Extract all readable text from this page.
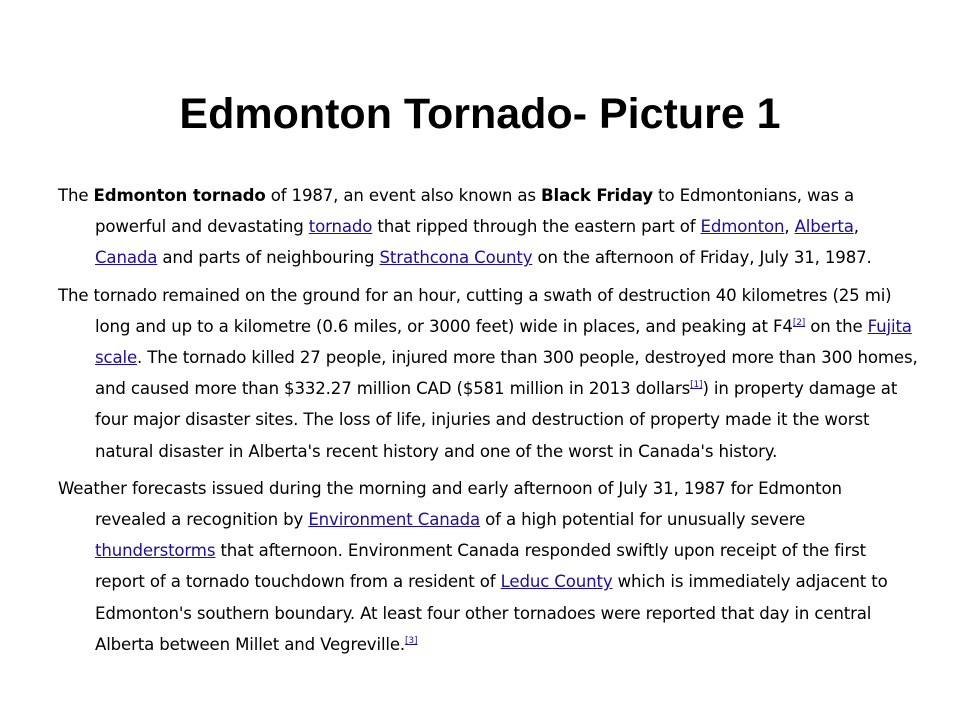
Edmonton Tornado- Picture 1

The Edmonton tornado of 1987, an event also known as Black Friday to Edmontonians, was a powerful and devastating tornado that ripped through the eastern part of Edmonton, Alberta, Canada and parts of neighbouring Strathcona County on the afternoon of Friday, July 31, 1987.

The tornado remained on the ground for an hour, cutting a swath of destruction 40 kilometres (25 mi) long and up to a kilometre (0.6 miles, or 3000 feet) wide in places, and peaking at F4[2] on the Fujita scale. The tornado killed 27 people, injured more than 300 people, destroyed more than 300 homes, and caused more than $332.27 million CAD ($581 million in 2013 dollars[1]) in property damage at four major disaster sites. The loss of life, injuries and destruction of property made it the worst natural disaster in Alberta's recent history and one of the worst in Canada's history.

Weather forecasts issued during the morning and early afternoon of July 31, 1987 for Edmonton revealed a recognition by Environment Canada of a high potential for unusually severe thunderstorms that afternoon. Environment Canada responded swiftly upon receipt of the first report of a tornado touchdown from a resident of Leduc County which is immediately adjacent to Edmonton's southern boundary. At least four other tornadoes were reported that day in central Alberta between Millet and Vegreville.[3]
